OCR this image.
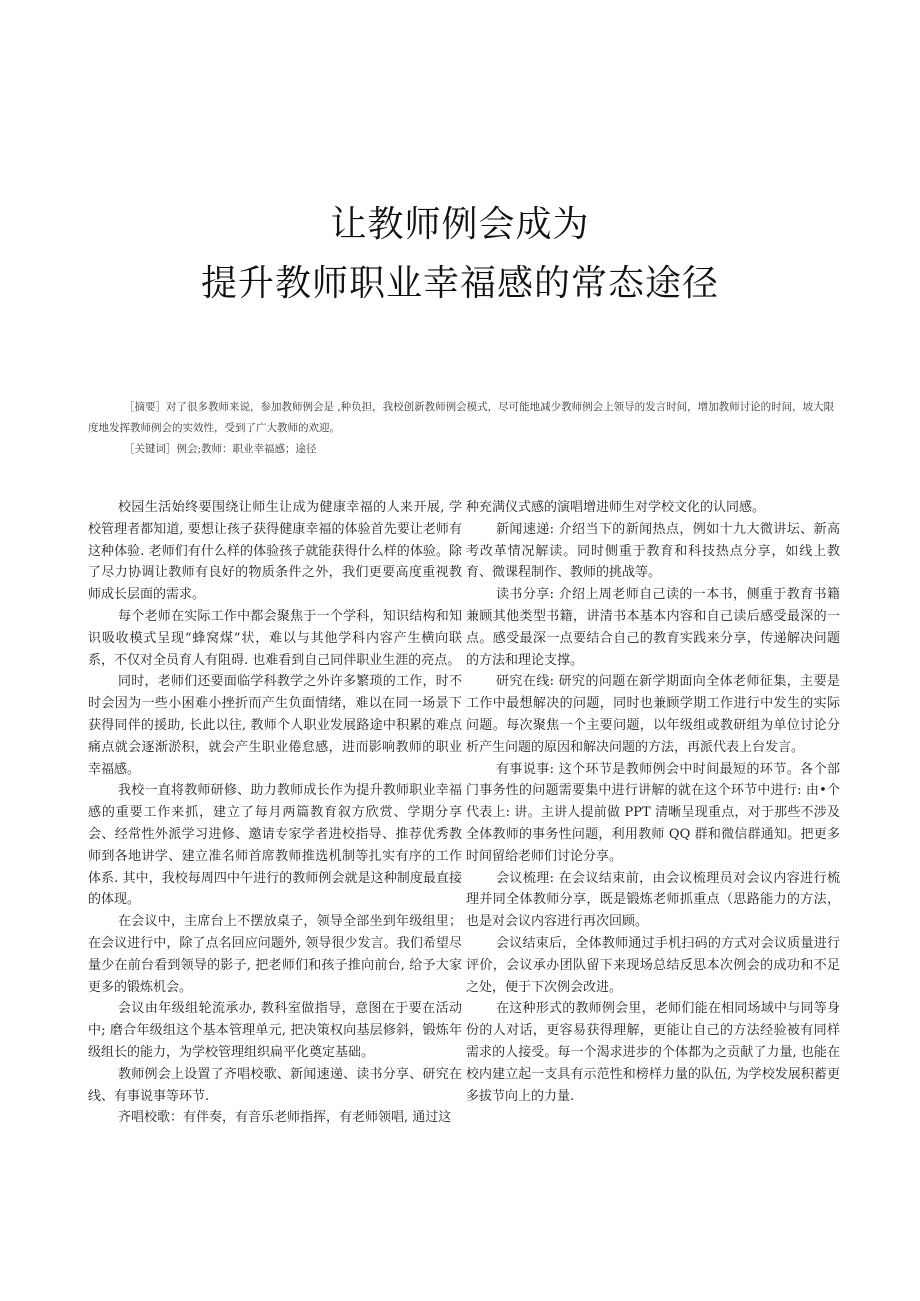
让教师例会成为
提升教师职业幸福感的常态途径

［摘要］对了很多教师来说，参加教师例会是 ,种负担，我校创新教师例会模式，尽可能地减少教师例会上领导的发言时间，增加教师讨论的时间，坡大限度地发挥教师例会的实效性，受到了广大教师的欢迎。

［关键词］例会;教师：职业幸福感；途径

校园生活始终要围绕让师生让成为健康幸福的人来开展, 学校管理者都知道, 要想让孩子获得健康幸福的体验首先要让老师有这种体验. 老师们有什么样的体验孩子就能获得什么样的体验。除了尽力协调让教师有良好的物质条件之外，我们更要高度重视教师成长层面的需求。

每个老师在实际工作中都会聚焦于一个学科，知识结构和知识吸收模式呈现“蜂窝煤”状，难以与其他学科内容产生横向联系，不仅对全员育人有阻碍. 也难看到自己同伴职业生涯的亮点。

同时，老师们还要面临学科教学之外许多繁琐的工作，时不时会因为一些小困难小挫折而产生负面情绪，难以在同一场景下获得同伴的援助, 长此以往, 教师个人职业发展路途中积累的难点痛点就会逐渐淤积，就会产生职业倦怠感，进而影响教师的职业幸福感。

我校一直将教师研修、助力教师成长作为提升教师职业幸福感的重要工作来抓，建立了每月两篇教育叙方欣赏、学期分享会、经常性外派学习进修、邀请专家学者进校指导、推荐优秀教师到各地讲学、建立准名师首席教师推选机制等扎实有序的工作体系. 其中，我校每周四中午进行的教师例会就是这种制度最直接的体现。

在会议中，主席台上不摆放桌子，领导全部坐到年级组里；在会议进行中，除了点名回应问题外, 领导很少发言。我们希望尽量少在前台看到领导的影子, 把老师们和孩子推向前台, 给予大家更多的锻炼机会。

会议由年级组轮流承办, 教科室做指导，意图在于要在活动中; 磨合年级组这个基本管理单元, 把决策权向基层修斜，锻炼年级组长的能力，为学校管理组织扁平化奠定基础。

教师例会上设置了齐唱校歌、新闻速递、读书分享、研究在线、有事说事等环节.

齐唱校歌：有伴奏，有音乐老师指挥，有老师领唱, 通过这

种充满仪式感的演唱增进师生对学校文化的认同感。

新闻速递: 介绍当下的新闻热点，例如十九大微讲坛、新高考改革情况解读。同时侧重于教育和科技热点分享，如线上教育、微课程制作、教师的挑战等。

读书分享: 介绍上周老师自己读的一本书，侧重于教育书籍兼顾其他类型书籍，讲清书本基本内容和自己读后感受最深的一点。感受最深一点要结合自己的教育实践来分享，传递解决问题的方法和理论支撑。

研究在线: 研究的问题在新学期面向全体老师征集，主要是工作中最想解决的问题，同时也兼顾学期工作进行中发生的实际问题。每次聚焦一个主要问题，以年级组或教研组为单位讨论分析产生问题的原因和解决问题的方法，再派代表上台发言。

有事说事: 这个环节是教师例会中时间最短的环节。各个部门事务性的问题需要集中进行讲解的就在这个环节中进行: 由•个代表上: 讲。主讲人提前做 PPT 清晰呈现重点，对于那些不涉及全体教师的事务性问题，利用教师 QQ 群和微信群通知。把更多时间留给老师们讨论分享。

会议梳理: 在会议结束前，由会议梳理员对会议内容进行梳理并同全体教师分享，既是锻炼老师抓重点（思路能力的方法，也是对会议内容进行再次回顾。

会议结束后，全体教师通过手机扫码的方式对会议质量进行评价，会议承办团队留下来现场总结反思本次例会的成功和不足之处，便于下次例会改进。

在这种形式的教师例会里，老师们能在相同场域中与同等身份的人对话，更容易获得理解，更能让自己的方法经验被有同样需求的人接受。每一个渴求进步的个体都为之贡献了力量, 也能在校内建立起一支具有示范性和榜样力量的队伍, 为学校发展积蓄更多拔节向上的力量.
